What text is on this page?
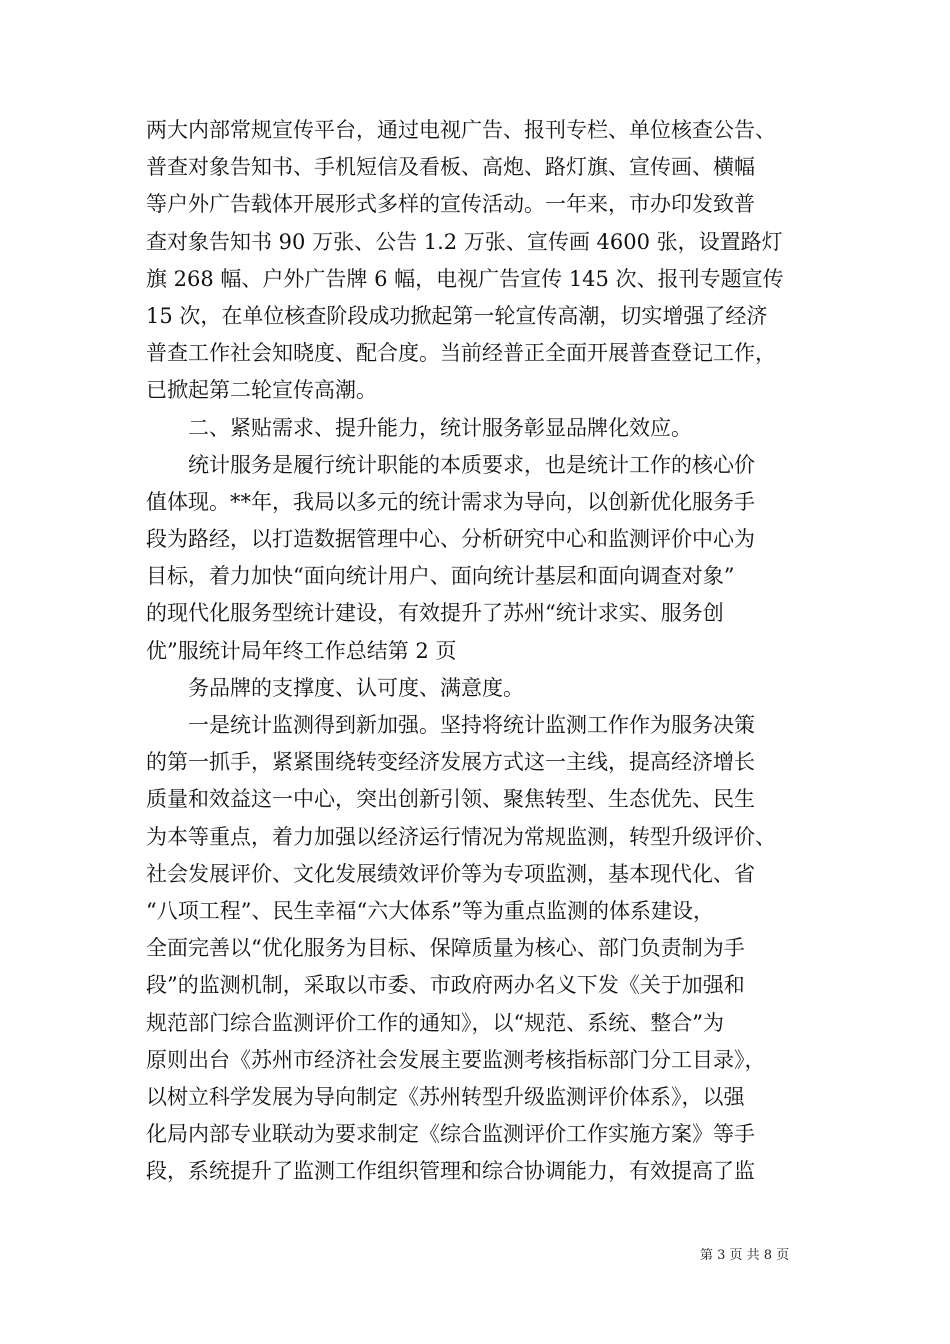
两大内部常规宣传平台，通过电视广告、报刊专栏、单位核查公告、
普查对象告知书、手机短信及看板、高炮、路灯旗、宣传画、横幅
等户外广告载体开展形式多样的宣传活动。一年来，市办印发致普
查对象告知书 90 万张、公告 1.2 万张、宣传画 4600 张，设置路灯
旗 268 幅、户外广告牌 6 幅，电视广告宣传 145 次、报刊专题宣传
15 次，在单位核查阶段成功掀起第一轮宣传高潮，切实增强了经济
普查工作社会知晓度、配合度。当前经普正全面开展普查登记工作，
已掀起第二轮宣传高潮。
二、紧贴需求、提升能力，统计服务彰显品牌化效应。
统计服务是履行统计职能的本质要求，也是统计工作的核心价
值体现。**年，我局以多元的统计需求为导向，以创新优化服务手
段为路经，以打造数据管理中心、分析研究中心和监测评价中心为
目标，着力加快“面向统计用户、面向统计基层和面向调查对象”
的现代化服务型统计建设，有效提升了苏州“统计求实、服务创
优”服统计局年终工作总结第 2 页
务品牌的支撑度、认可度、满意度。
一是统计监测得到新加强。坚持将统计监测工作作为服务决策
的第一抓手，紧紧围绕转变经济发展方式这一主线，提高经济增长
质量和效益这一中心，突出创新引领、聚焦转型、生态优先、民生
为本等重点，着力加强以经济运行情况为常规监测，转型升级评价、
社会发展评价、文化发展绩效评价等为专项监测，基本现代化、省
“八项工程”、民生幸福“六大体系”等为重点监测的体系建设，
全面完善以“优化服务为目标、保障质量为核心、部门负责制为手
段”的监测机制，采取以市委、市政府两办名义下发《关于加强和
规范部门综合监测评价工作的通知》，以“规范、系统、整合”为
原则出台《苏州市经济社会发展主要监测考核指标部门分工目录》，
以树立科学发展为导向制定《苏州转型升级监测评价体系》，以强
化局内部专业联动为要求制定《综合监测评价工作实施方案》等手
段，系统提升了监测工作组织管理和综合协调能力，有效提高了监
第 3 页 共 8 页
